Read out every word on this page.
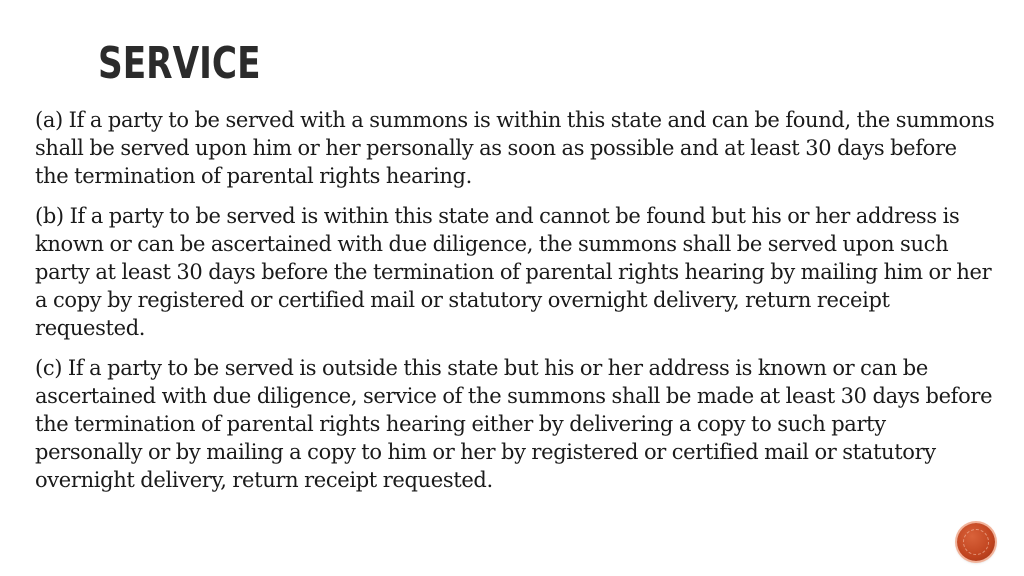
SERVICE

(a) If a party to be served with a summons is within this state and can be found, the summons shall be served upon him or her personally as soon as possible and at least 30 days before the termination of parental rights hearing.

(b) If a party to be served is within this state and cannot be found but his or her address is known or can be ascertained with due diligence, the summons shall be served upon such party at least 30 days before the termination of parental rights hearing by mailing him or her a copy by registered or certified mail or statutory overnight delivery, return receipt requested.

(c) If a party to be served is outside this state but his or her address is known or can be ascertained with due diligence, service of the summons shall be made at least 30 days before the termination of parental rights hearing either by delivering a copy to such party personally or by mailing a copy to him or her by registered or certified mail or statutory overnight delivery, return receipt requested.
